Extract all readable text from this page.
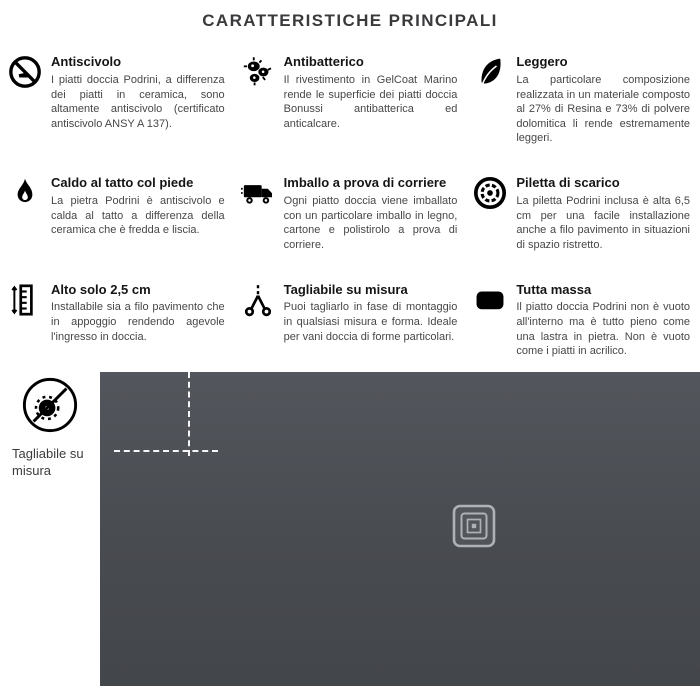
CARATTERISTICHE PRINCIPALI
Antiscivolo

I piatti doccia Podrini, a differenza dei piatti in ceramica, sono altamente antiscivolo (certificato antiscivolo ANSY A 137).

Antibatterico

Il rivestimento in GelCoat Marino rende le superficie dei piatti doccia Bonussi antibatterica ed anticalcare.

Leggero

La particolare composizione realizzata in un materiale composto al 27% di Resina e 73% di polvere dolomitica li rende estremamente leggeri.

Caldo al tatto col piede

La pietra Podrini è antiscivolo e calda al tatto a differenza della ceramica che è fredda e liscia.

Imballo a prova di corriere

Ogni piatto doccia viene imballato con un particolare imballo in legno, cartone e polistirolo a prova di corriere.

Piletta di scarico

La piletta Podrini inclusa è alta 6,5 cm per una facile installazione anche a filo pavimento in situazioni di spazio ristretto.

Alto solo 2,5 cm

Installabile sia a filo pavimento che in appoggio rendendo agevole l'ingresso in doccia.

Tagliabile su misura

Puoi tagliarlo in fase di montaggio in qualsiasi misura e forma. Ideale per vani doccia di forme particolari.

Tutta massa

Il piatto doccia Podrini non è vuoto all'interno ma è tutto pieno come una lastra in pietra. Non è vuoto come i piatti in acrilico.

Tagliabile su misura
